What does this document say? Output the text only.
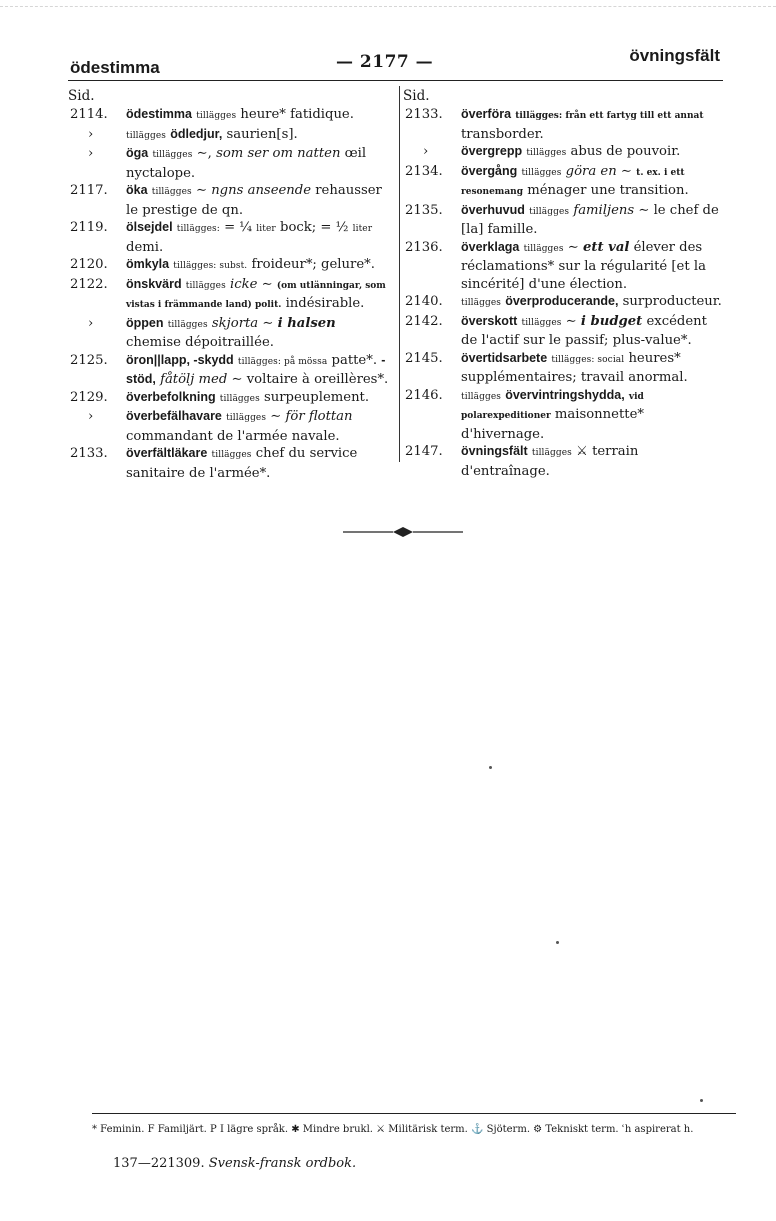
ödestimma	— 2177 —	övningsfält
Sid.
2114.	ödestimma tillägges heure* fatidique.
›	tillägges ödledjur, saurien[s].
›	öga tillägges ∼, som ser om natten œil nyctalope.
2117.	öka tillägges ∼ ngns anseende rehausser le prestige de qn.
2119.	ölsejdel tillägges: = ¼ liter bock; = ½ liter demi.
2120.	ömkyla tillägges: subst. froideur*; gelure*.
2122.	önskvärd tillägges icke ∼ (om utlänningar, som vistas i främmande land) polit. indésirable.
›	öppen tillägges skjorta ∼ i halsen chemise dépoitraillée.
2125.	öron||lapp, -skydd tillägges: på mössa patte*. -stöd, fåtölj med ∼ voltaire à oreillères*.
2129.	överbefolkning tillägges surpeuplement.
›	överbefälhavare tillägges ∼ för flottan commandant de l'armée navale.
2133.	överfältläkare tillägges chef du service sanitaire de l'armée*.
Sid.
2133.	överföra tillägges: från ett fartyg till ett annat transborder.
›	övergrepp tillägges abus de pouvoir.
2134.	övergång tillägges göra en ∼ t. ex. i ett resonemang ménager une transition.
2135.	överhuvud tillägges familjens ∼ le chef de [la] famille.
2136.	överklaga tillägges ∼ ett val élever des réclamations* sur la régularité [et la sincérité] d'une élection.
2140.	tillägges överproducerande, surproducteur.
2142.	överskott tillägges ∼ i budget excédent de l'actif sur le passif; plus-value*.
2145.	övertidsarbete tillägges: social heures* supplémentaires; travail anormal.
2146.	tillägges övervintringshydda, vid polarexpeditioner maisonnette* d'hivernage.
2147.	övningsfält tillägges ⚔ terrain d'entraînage.
* Feminin. F Familjärt. P I lägre språk. ✱ Mindre brukl. ⚔ Militärisk term. ⚓ Sjöterm. ⚙ Tekniskt term. ʿh aspirerat h.
137—221309. Svensk-fransk ordbok.
